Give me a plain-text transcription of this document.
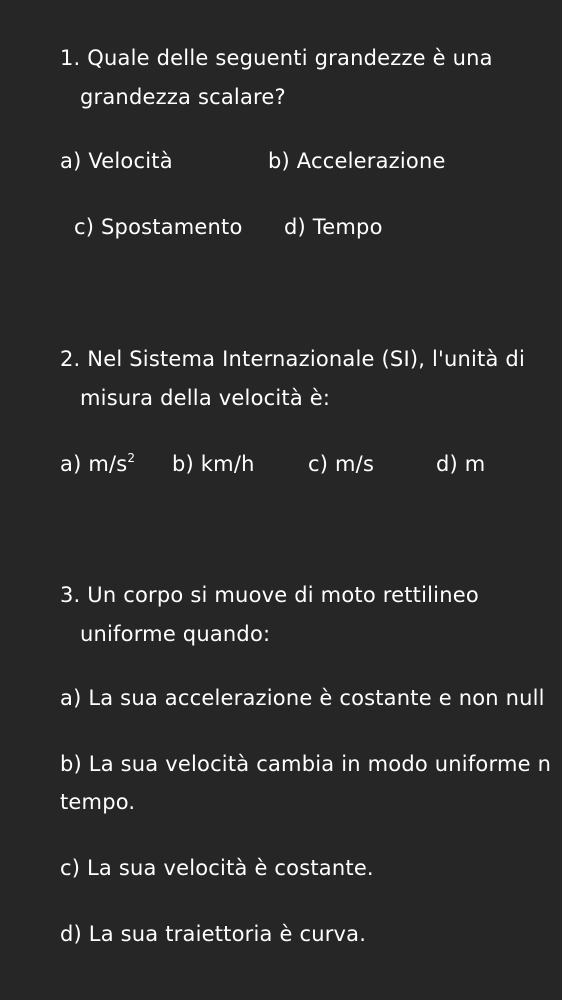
1. Quale delle seguenti grandezze è una
grandezza scalare?
a) Velocità	b) Accelerazione
c) Spostamento d) Tempo
2. Nel Sistema Internazionale (SI), l'unità di
misura della velocità è:
a) $m/s^2$ b) km/h	c) m/s	d) m
3. Un corpo si muove di moto rettilineo
uniforme quando:
a) La sua accelerazione è costante e non null
b) La sua velocità cambia in modo uniforme n
tempo.
c) La sua velocità è costante.
d) La sua traiettoria è curva.
